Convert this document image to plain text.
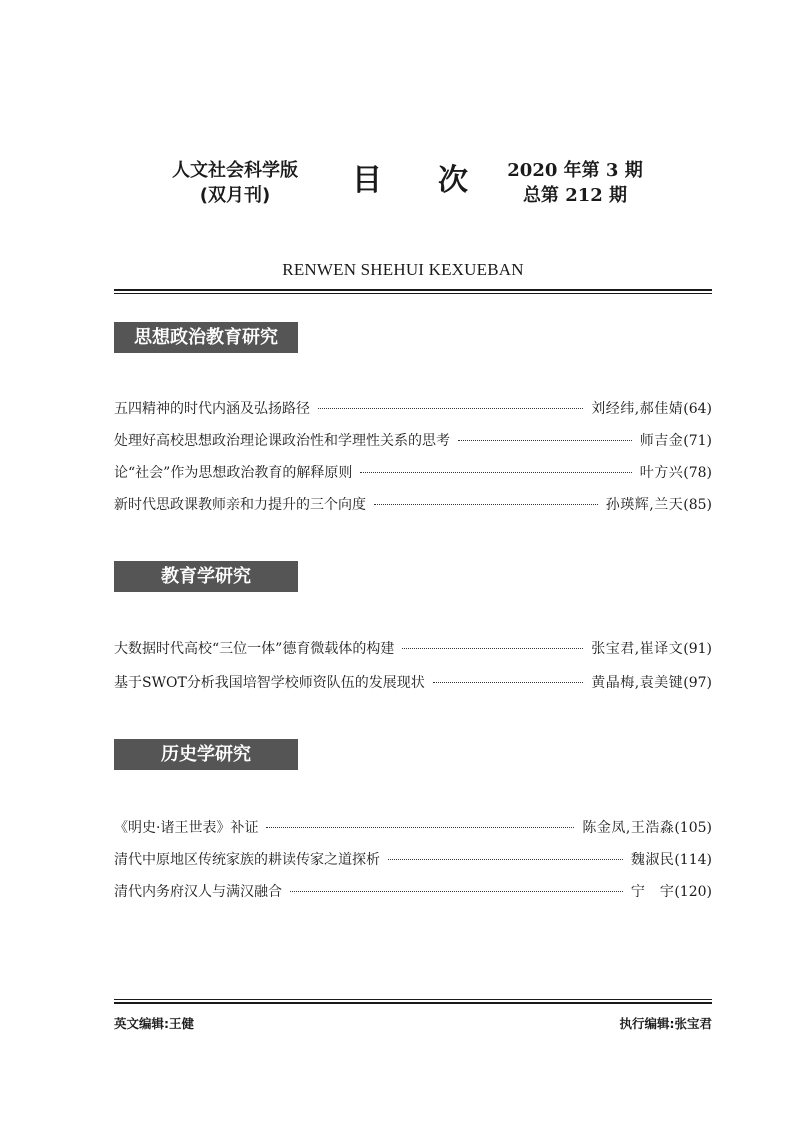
人文社会科学版
(双月刊)	目次
2020 年第 3 期
总第 212 期
RENWEN SHEHUI KEXUEBAN
思想政治教育研究
五四精神的时代内涵及弘扬路径	刘经纬,郝佳婧 (64)
处理好高校思想政治理论课政治性和学理性关系的思考	师吉金 (71)
论“社会”作为思想政治教育的解释原则	叶方兴 (78)
新时代思政课教师亲和力提升的三个向度	孙瑛辉,兰天 (85)
教育学研究
大数据时代高校“三位一体”德育微载体的构建	张宝君,崔译文 (91)
基于SWOT分析我国培智学校师资队伍的发展现状	黄晶梅,袁美键 (97)
历史学研究
《明史·诸王世表》补证	陈金凤,王浩淼 (105)
清代中原地区传统家族的耕读传家之道探析	魏淑民 (114)
清代内务府汉人与满汉融合	宁　宇 (120)
英文编辑:王健	执行编辑:张宝君
